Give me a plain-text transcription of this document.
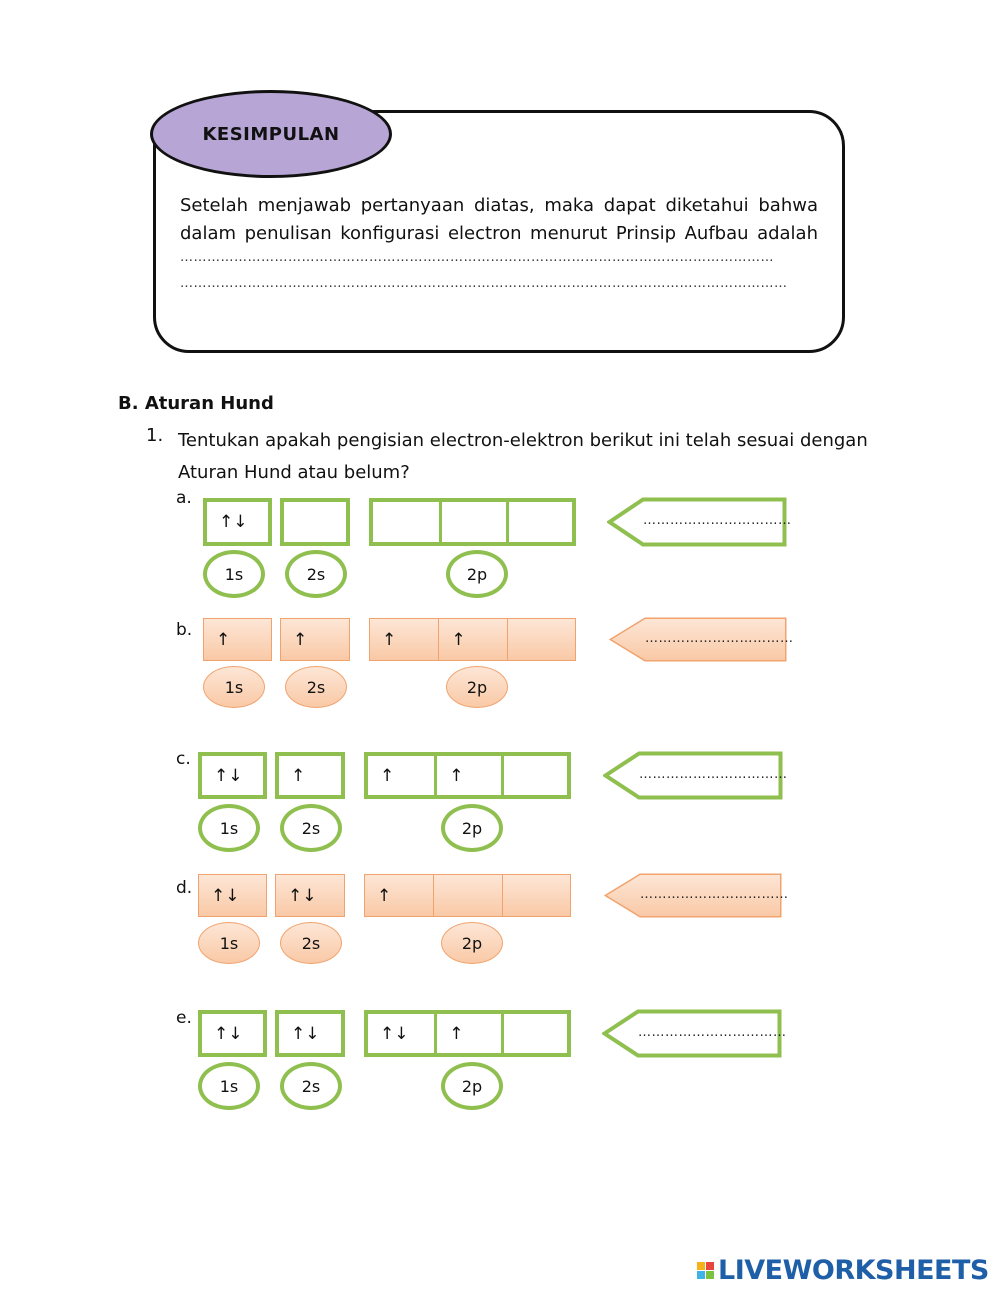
KESIMPULAN
Setelah menjawab pertanyaan diatas, maka dapat diketahui bahwa
dalam penulisan konfigurasi electron menurut Prinsip Aufbau adalah
……………………………………………………………………………………………………………………
………………………………………………………………………………………………………………………
B. Aturan Hund
1. Tentukan apakah pengisian electron-elektron berikut ini telah sesuai dengan
Aturan Hund atau belum?
a.
↑↓
1s	2s	2p
……………………………
b.	↑	↑	↑	↑
1s	2s	2p
……………………………
c.
↑↓	↑	↑	↑
1s	2s	2p
……………………………
d.	↑↓	↑↓	↑
1s	2s	2p
……………………………
e.
↑↓	↑↓	↑↓	↑
1s	2s	2p
……………………………
LIVEWORKSHEETS
